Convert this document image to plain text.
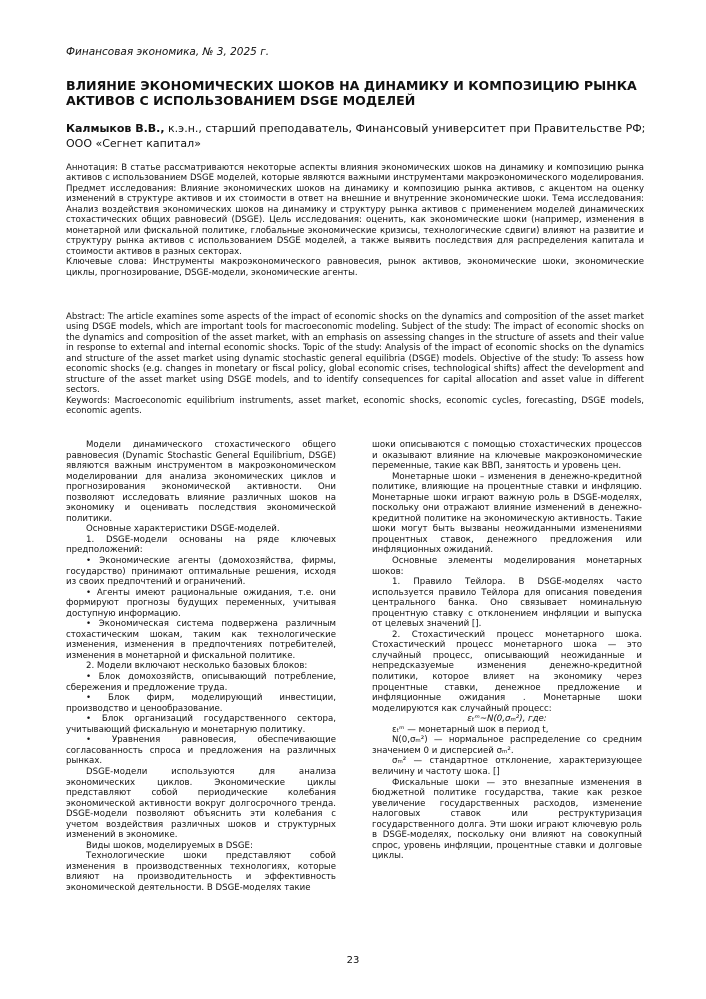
Финансовая экономика, № 3, 2025 г.
ВЛИЯНИЕ ЭКОНОМИЧЕСКИХ ШОКОВ НА ДИНАМИКУ И КОМПОЗИЦИЮ РЫНКА АКТИВОВ С ИСПОЛЬЗОВАНИЕМ DSGE МОДЕЛЕЙ
Калмыков В.В., к.э.н., старший преподаватель, Финансовый университет при Правительстве РФ; ООО «Сегнет капитал»
Аннотация: В статье рассматриваются некоторые аспекты влияния экономических шоков на динамику и композицию рынка активов с использованием DSGE моделей, которые являются важными инструментами макроэкономического моделирования. Предмет исследования: Влияние экономических шоков на динамику и композицию рынка активов, с акцентом на оценку изменений в структуре активов и их стоимости в ответ на внешние и внутренние экономические шоки. Тема исследования: Анализ воздействия экономических шоков на динамику и структуру рынка активов с применением моделей динамических стохастических общих равновесий (DSGE). Цель исследования: оценить, как экономические шоки (например, изменения в монетарной или фискальной политике, глобальные экономические кризисы, технологические сдвиги) влияют на развитие и структуру рынка активов с использованием DSGE моделей, а также выявить последствия для распределения капитала и стоимости активов в разных секторах.
Ключевые слова: Инструменты макроэкономического равновесия, рынок активов, экономические шоки, экономические циклы, прогнозирование, DSGE-модели, экономические агенты.
Abstract: The article examines some aspects of the impact of economic shocks on the dynamics and composition of the asset market using DSGE models, which are important tools for macroeconomic modeling. Subject of the study: The impact of economic shocks on the dynamics and composition of the asset market, with an emphasis on assessing changes in the structure of assets and their value in response to external and internal economic shocks. Topic of the study: Analysis of the impact of economic shocks on the dynamics and structure of the asset market using dynamic stochastic general equilibria (DSGE) models. Objective of the study: To assess how economic shocks (e.g. changes in monetary or fiscal policy, global economic crises, technological shifts) affect the development and structure of the asset market using DSGE models, and to identify consequences for capital allocation and asset value in different sectors.
Keywords: Macroeconomic equilibrium instruments, asset market, economic shocks, economic cycles, forecasting, DSGE models, economic agents.

Модели динамического стохастического общего равновесия (Dynamic Stochastic General Equilibrium, DSGE) являются важным инструментом в макроэкономическом моделировании для анализа экономических циклов и прогнозирования экономической активности. Они позволяют исследовать влияние различных шоков на экономику и оценивать последствия экономической политики.

Основные характеристики DSGE-моделей.

1. DSGE-модели основаны на ряде ключевых предположений:

• Экономические агенты (домохозяйства, фирмы, государство) принимают оптимальные решения, исходя из своих предпочтений и ограничений.

• Агенты имеют рациональные ожидания, т.е. они формируют прогнозы будущих переменных, учитывая доступную информацию.

• Экономическая система подвержена различным стохастическим шокам, таким как технологические изменения, изменения в предпочтениях потребителей, изменения в монетарной и фискальной политике.

2. Модели включают несколько базовых блоков:

• Блок домохозяйств, описывающий потребление, сбережения и предложение труда.

• Блок фирм, моделирующий инвестиции, производство и ценообразование.

• Блок организаций государственного сектора, учитывающий фискальную и монетарную политику.

• Уравнения равновесия, обеспечивающие согласованность спроса и предложения на различных рынках.

DSGE-модели используются для анализа экономических циклов. Экономические циклы представляют собой периодические колебания экономической активности вокруг долгосрочного тренда. DSGE-модели позволяют объяснить эти колебания с учетом воздействия различных шоков и структурных изменений в экономике.

Виды шоков, моделируемых в DSGE:

Технологические шоки представляют собой изменения в производственных технологиях, которые влияют на производительность и эффективность экономической деятельности. В DSGE-моделях такие

шоки описываются с помощью стохастических процессов и оказывают влияние на ключевые макроэкономические переменные, такие как ВВП, занятость и уровень цен.

Монетарные шоки – изменения в денежно-кредитной политике, влияющие на процентные ставки и инфляцию. Монетарные шоки играют важную роль в DSGE-моделях, поскольку они отражают влияние изменений в денежно-кредитной политике на экономическую активность. Такие шоки могут быть вызваны неожиданными изменениями процентных ставок, денежного предложения или инфляционных ожиданий.

Основные элементы моделирования монетарных шоков:

1. Правило Тейлора. В DSGE-моделях часто используется правило Тейлора для описания поведения центрального банка. Оно связывает номинальную процентную ставку с отклонением инфляции и выпуска от целевых значений [].

2. Стохастический процесс монетарного шока. Стохастический процесс монетарного шока — это случайный процесс, описывающий неожиданные и непредсказуемые изменения денежно-кредитной политики, которое влияет на экономику через процентные ставки, денежное предложение и инфляционные ожидания . Монетарные шоки моделируются как случайный процесс:

εₜᵐ~N(0,σₘ²), где:

εₜᵐ — монетарный шок в период t,

N(0,σₘ²) — нормальное распределение со средним значением 0 и дисперсией σₘ².

σₘ² — стандартное отклонение, характеризующее величину и частоту шока. []

Фискальные шоки — это внезапные изменения в бюджетной политике государства, такие как резкое увеличение государственных расходов, изменение налоговых ставок или реструктуризация государственного долга. Эти шоки играют ключевую роль в DSGE-моделях, поскольку они влияют на совокупный спрос, уровень инфляции, процентные ставки и долговые циклы.

23
